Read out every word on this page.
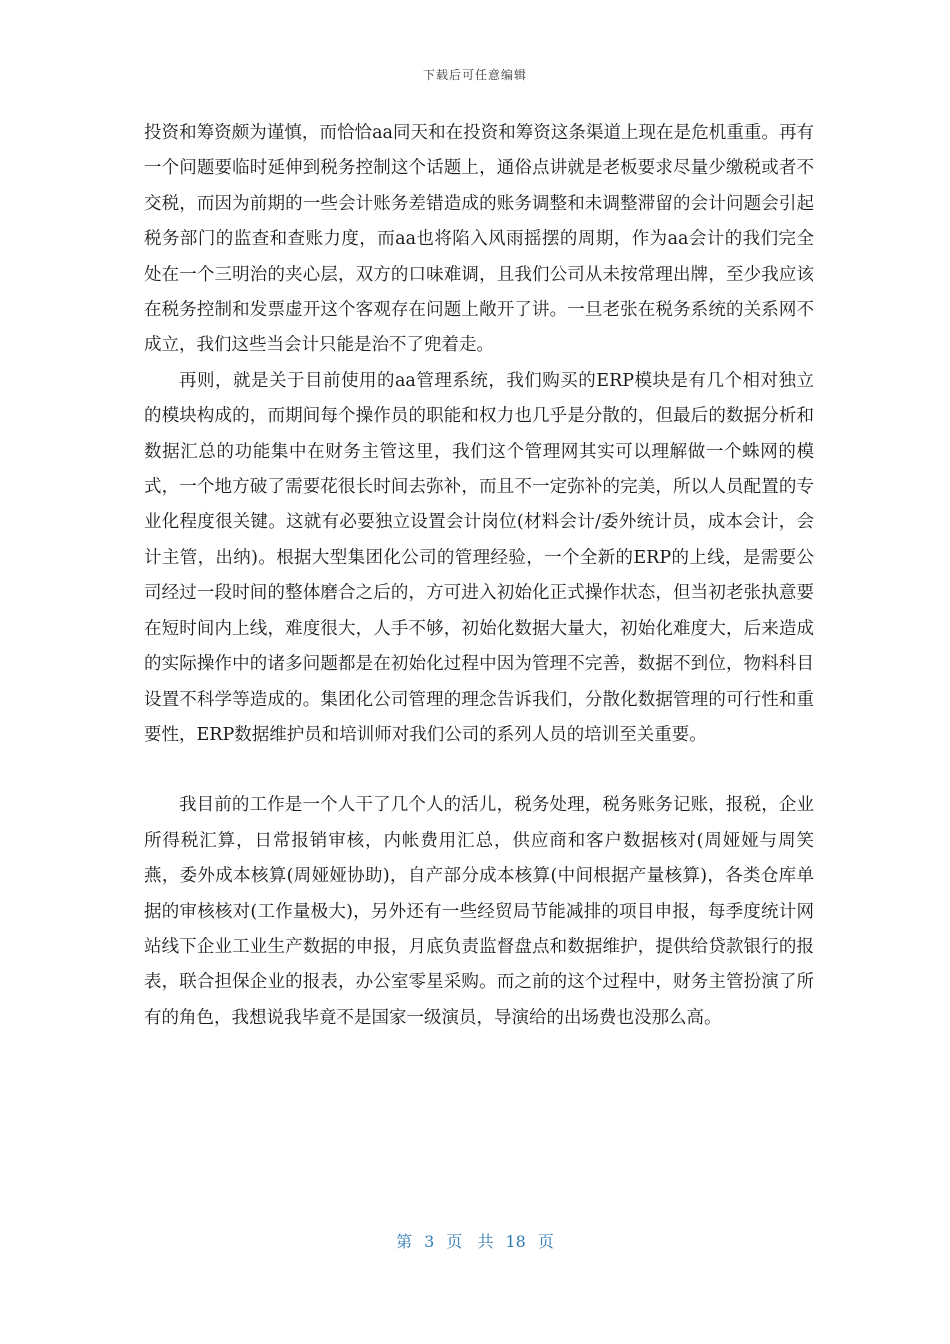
下载后可任意编辑

投资和筹资颇为谨慎，而恰恰aa同天和在投资和筹资这条渠道上现在是危机重重。再有一个问题要临时延伸到税务控制这个话题上，通俗点讲就是老板要求尽量少缴税或者不交税，而因为前期的一些会计账务差错造成的账务调整和未调整滞留的会计问题会引起税务部门的监查和查账力度，而aa也将陷入风雨摇摆的周期，作为aa会计的我们完全处在一个三明治的夹心层，双方的口味难调，且我们公司从未按常理出牌，至少我应该在税务控制和发票虚开这个客观存在问题上敞开了讲。一旦老张在税务系统的关系网不成立，我们这些当会计只能是治不了兜着走。

再则，就是关于目前使用的aa管理系统，我们购买的ERP模块是有几个相对独立的模块构成的，而期间每个操作员的职能和权力也几乎是分散的，但最后的数据分析和数据汇总的功能集中在财务主管这里，我们这个管理网其实可以理解做一个蛛网的模式，一个地方破了需要花很长时间去弥补，而且不一定弥补的完美，所以人员配置的专业化程度很关键。这就有必要独立设置会计岗位(材料会计/委外统计员，成本会计，会计主管，出纳)。根据大型集团化公司的管理经验，一个全新的ERP的上线，是需要公司经过一段时间的整体磨合之后的，方可进入初始化正式操作状态，但当初老张执意要在短时间内上线，难度很大，人手不够，初始化数据大量大，初始化难度大，后来造成的实际操作中的诸多问题都是在初始化过程中因为管理不完善，数据不到位，物料科目设置不科学等造成的。集团化公司管理的理念告诉我们，分散化数据管理的可行性和重要性，ERP数据维护员和培训师对我们公司的系列人员的培训至关重要。

我目前的工作是一个人干了几个人的活儿，税务处理，税务账务记账，报税，企业所得税汇算，日常报销审核，内帐费用汇总，供应商和客户数据核对(周娅娅与周笑燕，委外成本核算(周娅娅协助)，自产部分成本核算(中间根据产量核算)，各类仓库单据的审核核对(工作量极大)，另外还有一些经贸局节能减排的项目申报，每季度统计网站线下企业工业生产数据的申报，月底负责监督盘点和数据维护，提供给贷款银行的报表，联合担保企业的报表，办公室零星采购。而之前的这个过程中，财务主管扮演了所有的角色，我想说我毕竟不是国家一级演员，导演给的出场费也没那么高。

第 3 页 共 18 页
